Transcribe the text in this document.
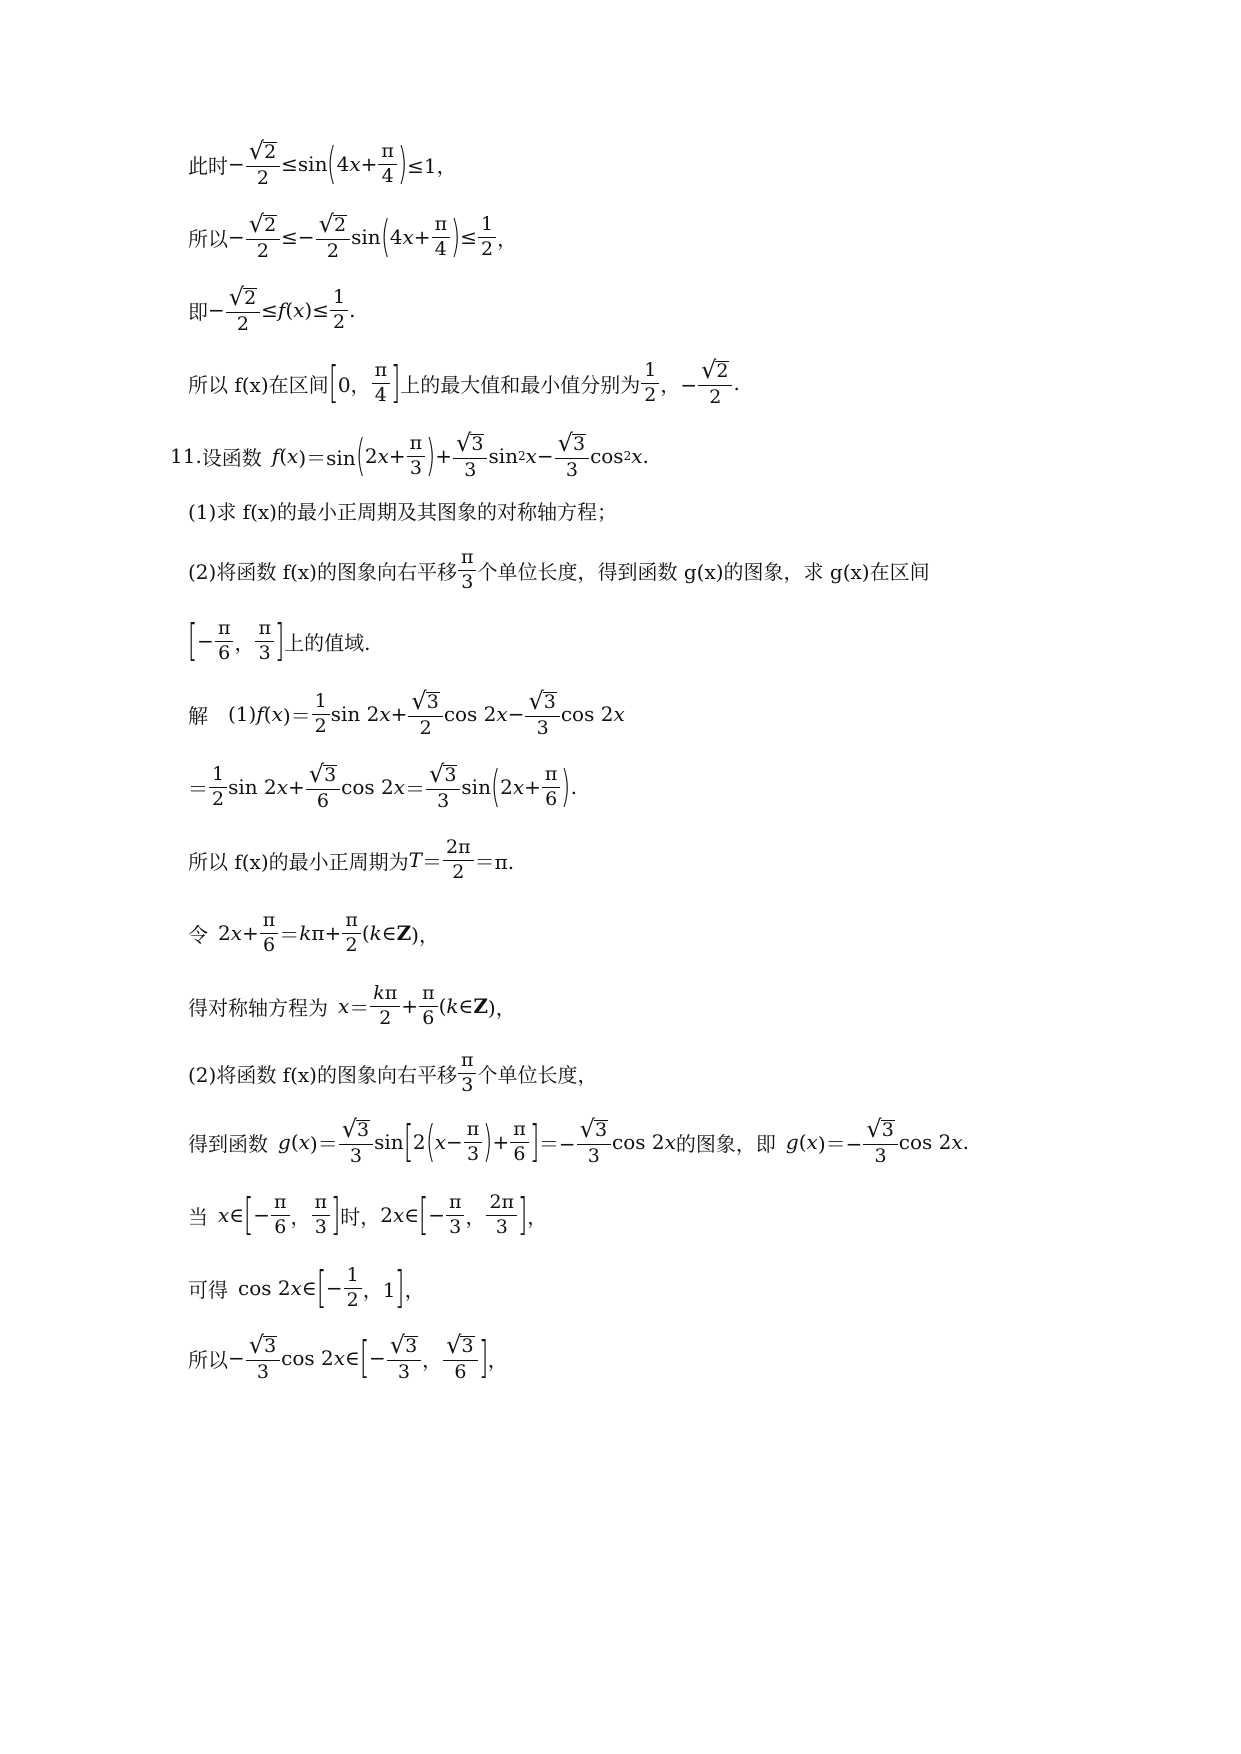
此时 − √ 2
2
≤sin ( 4 x +
π
4 ) ≤1，
所以 − √ 2
2
≤− √ 2
2
sin ( 4 x +
π
4 ) ≤
1
2 ，
即 − √ 2
2
≤ f ( x )≤
1
2 .
所以 f(x)在区间 [ 0，
π
4 ] 上的最大值和最小值分别为
1
2 ，−
√ 2
2
.
11. 设函数 f ( x )＝sin ( 2 x +
π
3 ) + √ 3
3
sin 2 x − √ 3
3
cos 2 x .
(1)求 f(x)的最小正周期及其图象的对称轴方程；
(2)将函数 f(x)的图象向右平移
π
3 个单位长度，得到函数 g(x)的图象，求 g(x)在区间
[ −
π
6 ，
π
3 ] 上的值域.
解	(1) f ( x )＝
1
2 sin 2 x + √ 3
2
cos 2 x − √ 3
3
cos 2 x
＝
1
2 sin 2 x + √ 3
6
cos 2 x ＝
√ 3
3
sin ( 2 x +
π
6 ) .
所以 f(x)的最小正周期为 T ＝
2π
2 ＝π.
令 2 x +
π
6 ＝ k π+
π
2 ( k ∈ Z )，
得对称轴方程为 x ＝
kπ
2 +
π
6 ( k ∈ Z )，
(2)将函数 f(x)的图象向右平移
π
3 个单位长度，
得到函数 g ( x )＝
√ 3
3
sin [ 2 ( x −
π
3 ) +
π
6 ] ＝−
√ 3
3
cos 2 x 的图象，即 g ( x )＝−
√ 3
3
cos 2 x .
当 x ∈ [ −
π
6 ，
π
3 ] 时， 2 x ∈ [ −
π
3 ，
2π
3 ] ，
可得 cos 2 x ∈ [ −
1
2 ，1 ] ，
所以 − √ 3
3
cos 2 x ∈ [ − √ 3
3
，
√ 3
6 ] ，
